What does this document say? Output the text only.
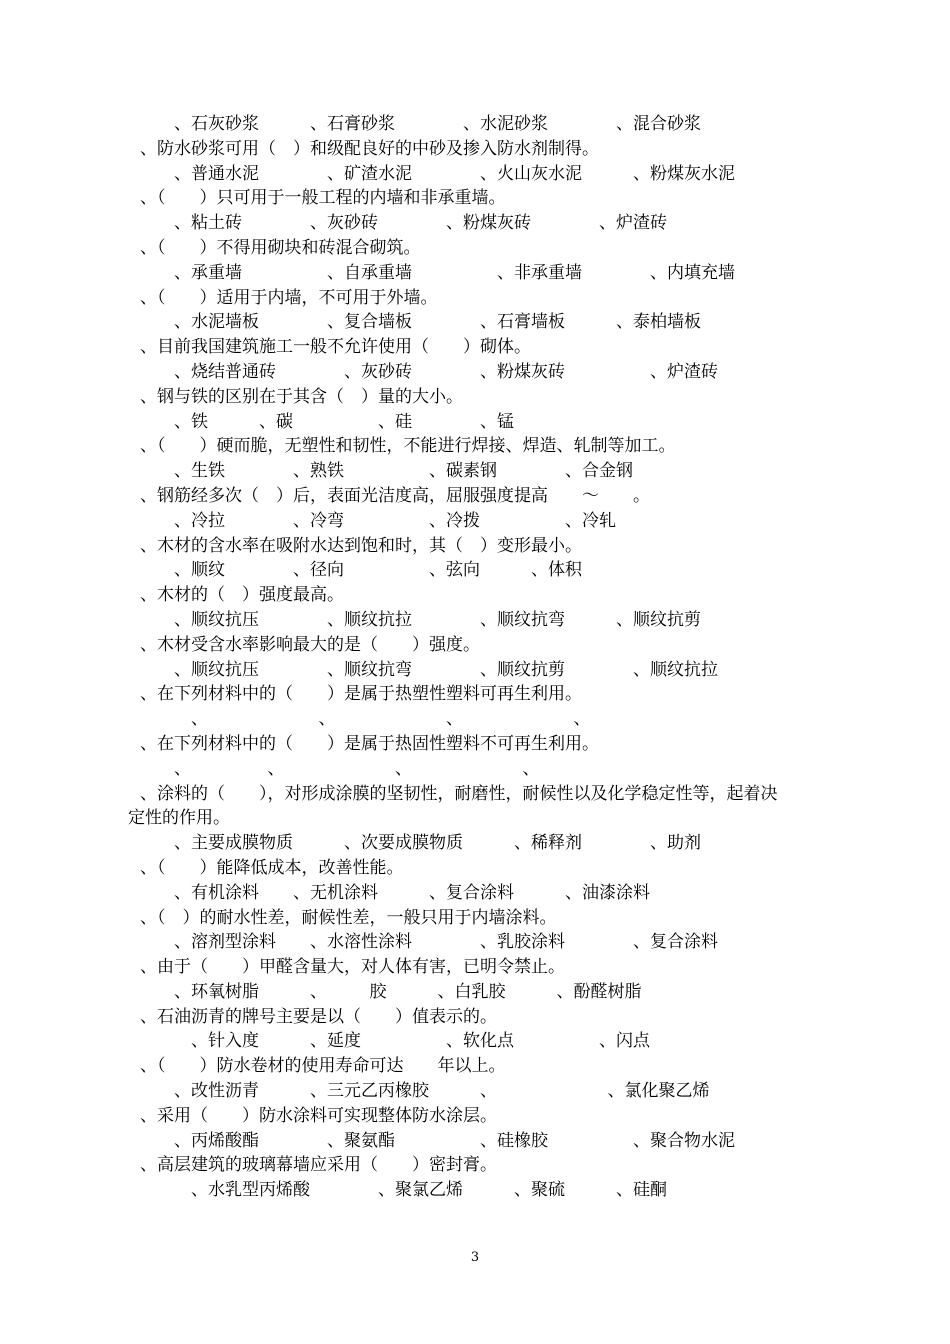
、石灰砂浆　　　、石膏砂浆　　　　、水泥砂浆　　　　、混合砂浆
、防水砂浆可用（　）和级配良好的中砂及掺入防水剂制得。
、普通水泥　　　　、矿渣水泥　　　　、火山灰水泥　　　、粉煤灰水泥
、（　　）只可用于一般工程的内墙和非承重墙。
、粘土砖　　　　、灰砂砖　　　　、粉煤灰砖　　　　、炉渣砖
、（　　）不得用砌块和砖混合砌筑。
、承重墙　　　　　、自承重墙　　　　　、非承重墙　　　　、内填充墙
、（　　）适用于内墙，不可用于外墙。
、水泥墙板　　　　、复合墙板　　　　、石膏墙板　　　、泰柏墙板
、目前我国建筑施工一般不允许使用（　　）砌体。
、烧结普通砖　　　　、灰砂砖　　　　、粉煤灰砖　　　　　、炉渣砖
、钢与铁的区别在于其含（　）量的大小。
、铁　　　、碳　　　　　、硅　　　　、锰
、（　　）硬而脆，无塑性和韧性，不能进行焊接、焊造、轧制等加工。
、生铁　　　　、熟铁　　　　　、碳素钢　　　　、合金钢
、钢筋经多次（　）后，表面光洁度高，屈服强度提高　　～　　。
、冷拉　　　　、冷弯　　　　　、冷拨　　　　　、冷轧
、木材的含水率在吸附水达到饱和时，其（　）变形最小。
、顺纹　　　　、径向　　　　　、弦向　　　、体积
、木材的（　）强度最高。
、顺纹抗压　　　　、顺纹抗拉　　　　、顺纹抗弯　　　、顺纹抗剪
、木材受含水率影响最大的是（　　）强度。
、顺纹抗压　　　　、顺纹抗弯　　　　、顺纹抗剪　　　　、顺纹抗拉
、在下列材料中的（　　）是属于热塑性塑料可再生利用。
　、　　　　　　　、　　　　　　　、　　　　　　　、
、在下列材料中的（　　）是属于热固性塑料不可再生利用。
、　　　　　、　　　　　　　、　　　　　　　、
、涂料的（　　），对形成涂膜的坚韧性，耐磨性，耐候性以及化学稳定性等，起着决
定性的作用。
、主要成膜物质　　　、次要成膜物质　　　、稀释剂　　　　、助剂
、（　　）能降低成本，改善性能。
、有机涂料　　、无机涂料　　　、复合涂料　　　、油漆涂料
、（　）的耐水性差，耐候性差，一般只用于内墙涂料。
、溶剂型涂料　　、水溶性涂料　　　　、乳胶涂料　　　　、复合涂料
、由于（　　）甲醛含量大，对人体有害，已明令禁止。
、环氧树脂　　　、　　　胶　　　、白乳胶　　　、酚醛树脂
、石油沥青的牌号主要是以（　　）值表示的。
　、针入度　　　、延度　　　　　、软化点　　　　　、闪点
、（　　）防水卷材的使用寿命可达　　年以上。
、改性沥青　　　、三元乙丙橡胶　　　、　　　　　　　、氯化聚乙烯
、采用（　　）防水涂料可实现整体防水涂层。
、丙烯酸酯　　　　、聚氨酯　　　　　、硅橡胶　　　　　、聚合物水泥
、高层建筑的玻璃幕墙应采用（　　）密封膏。
　、水乳型丙烯酸　　　　、聚氯乙烯　　　、聚硫　　　、硅酮
3
